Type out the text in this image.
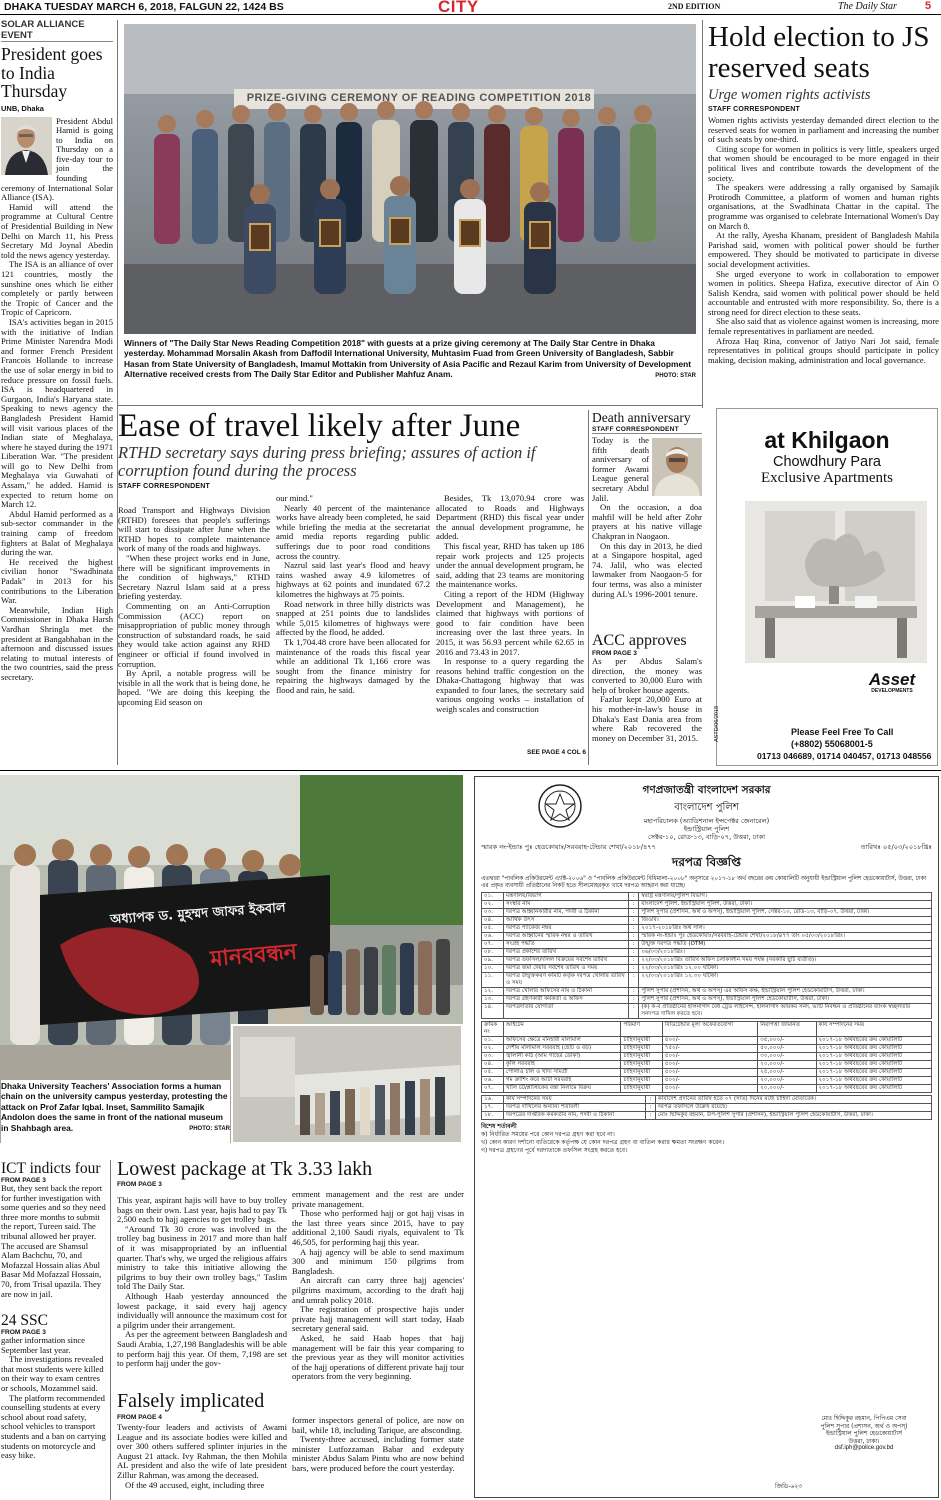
DHAKA TUESDAY MARCH 6, 2018, FALGUN 22, 1424 BS	CITY	2ND EDITION	The Daily Star	5
SOLAR ALLIANCE EVENT
President goes to India Thursday
UNB, Dhaka
President Abdul Hamid is going to India on Thursday on a five-day tour to join the founding ceremony of International Solar Alliance (ISA).

Hamid will attend the programme at Cultural Centre of Presidential Building in New Delhi on March 11, his Press Secretary Md Joynal Abedin told the news agency yesterday.

The ISA is an alliance of over 121 countries, mostly the sunshine ones which lie either completely or partly between the Tropic of Cancer and the Tropic of Capricorn.

ISA's activities began in 2015 with the initiative of Indian Prime Minister Narendra Modi and former French President Francois Hollande to increase the use of solar energy in bid to reduce pressure on fossil fuels. ISA is headquartered in Gurgaon, India's Haryana state. Speaking to news agency the Bangladesh President Hamid will visit various places of the Indian state of Meghalaya, where he stayed during the 1971 Liberation War. "The president will go to New Delhi from Meghalaya via Guwahati of Assam," he added. Hamid is expected to return home on March 12.

Abdul Hamid performed as a sub-sector commander in the training camp of freedom fighters at Balat of Meghalaya during the war.

He received the highest civilian honor "Swadhinata Padak" in 2013 for his contributions to the Liberation War.

Meanwhile, Indian High Commissioner in Dhaka Harsh Vardhan Shringla met the president at Bangabhaban in the afternoon and discussed issues relating to mutual interests of the two countries, said the press secretary.

PRIZE-GIVING CEREMONY OF READING COMPETITION 2018
Winners of "The Daily Star News Reading Competition 2018" with guests at a prize giving ceremony at The Daily Star Centre in Dhaka yesterday. Mohammad Morsalin Akash from Daffodil International University, Muhtasim Fuad from Green University of Bangladesh, Sabbir Hasan from State University of Bangladesh, Imamul Mottakin from University of Asia Pacific and Rezaul Karim from University of Development Alternative received crests from The Daily Star Editor and Publisher Mahfuz Anam.	PHOTO: STAR
Hold election to JS reserved seats
Urge women rights activists
STAFF CORRESPONDENT

Women rights activists yesterday demanded direct election to the reserved seats for women in parliament and increasing the number of such seats by one-third.

Citing scope for women in politics is very little, speakers urged that women should be encouraged to be more engaged in their political lives and contribute towards the development of the society.

The speakers were addressing a rally organised by Samajik Protirodh Committee, a platform of women and human rights organisations, at the Swadhinata Chattar in the capital. The programme was organised to celebrate International Women's Day on March 8.

At the rally, Ayesha Khanam, president of Bangladesh Mahila Parishad said, women with political power should be further empowered. They should be motivated to participate in diverse social development activities.

She urged everyone to work in collaboration to empower women in politics. Sheepa Hafiza, executive director of Ain O Salish Kendra, said women with political power should be held accountable and entrusted with more responsibility. So, there is a strong need for direct election to these seats.

She also said that as violence against women is increasing, more female representatives in parliament are needed.

Afroza Haq Rina, convenor of Jatiyo Nari Jot said, female representatives in political groups should participate in policy making, decision making, administration and local governance.

Ease of travel likely after June
RTHD secretary says during press briefing; assures of action if corruption found during the process
STAFF CORRESPONDENT

Road Transport and Highways Division (RTHD) foresees that people's sufferings will start to dissipate after June when the RTHD hopes to complete maintenance work of many of the roads and highways.

"When these project works end in June, there will be significant improvements in the condition of highways," RTHD Secretary Nazrul Islam said at a press briefing yesterday.

Commenting on an Anti-Corruption Commission (ACC) report on misappropriation of public money through construction of substandard roads, he said they would take action against any RHD engineer or official if found involved in corruption.

By April, a notable progress will be visible in all the work that is being done, he hoped. "We are doing this keeping the upcoming Eid season on

our mind."

Nearly 40 percent of the maintenance works have already been completed, he said while briefing the media at the secretariat amid media reports regarding public sufferings due to poor road conditions across the country.

Nazrul said last year's flood and heavy rains washed away 4.9 kilometres of highways at 62 points and inundated 67.2 kilometres the highways at 75 points.

Road network in three hilly districts was snapped at 251 points due to landslides while 5,015 kilometres of highways were affected by the flood, he added.

Tk 1,704.48 crore have been allocated for maintenance of the roads this fiscal year while an additional Tk 1,166 crore was sought from the finance ministry for repairing the highways damaged by the flood and rain, he said.

Besides, Tk 13,070.94 crore was allocated to Roads and Highways Department (RHD) this fiscal year under the annual development programme, he added.

This fiscal year, RHD has taken up 186 repair work projects and 125 projects under the annual development program, he said, adding that 23 teams are monitoring the maintenance works.

Citing a report of the HDM (Highway Development and Management), he claimed that highways with portions of good to fair condition have been increasing over the last three years. In 2015, it was 56.93 percent while 62.65 in 2016 and 73.43 in 2017.

In response to a query regarding the reasons behind traffic congestion on the Dhaka-Chattagong highway that was expanded to four lanes, the secretary said various ongoing works – installation of weigh scales and construction

SEE PAGE 4 COL 6
Death anniversary
STAFF CORRESPONDENT

Today is the fifth death anniversary of former Awami League general secretary Abdul Jalil.

On the occasion, a doa mahfil will be held after Zohr prayers at his native village Chakpran in Naogaon.

On this day in 2013, he died at a Singapore hospital, aged 74. Jalil, who was elected lawmaker from Naogaon-5 for four terms, was also a minister during AL's 1996-2001 tenure.

ACC approves
FROM PAGE 3

As per Abdus Salam's direction, the money was converted to 30,000 Euro with help of broker house agents.

Fazlur kept 20,000 Euro at his mother-in-law's house in Dhaka's East Dania area from where Rab recovered the money on December 31, 2015.

at Khilgaon
Chowdhury Para
Exclusive Apartments
Asset
DEVELOPMENTS
Please Feel Free To Call
(+8802) 55068001-5
01713 046689, 01714 040457, 01713 048556
ASTD/06/2018
অধ্যাপক ড. মুহম্মদ জাফর ইকবাল
মানববন্ধন
Dhaka University Teachers' Association forms a human chain on the university campus yesterday, protesting the attack on Prof Zafar Iqbal. Inset, Sammilito Samajik Andolon does the same in front of the national museum in Shahbagh area.	PHOTO: STAR
ICT indicts four
FROM PAGE 3
But, they sent back the report for further investigation with some queries and so they need three more months to submit the report, Tureen said. The tribunal allowed her prayer. The accused are Shamsul Alam Bachchu, 70, and Mofazzal Hossain alias Abul Basar Md Mofazzal Hossain, 70, from Trisal upazila. They are now in jail.
24 SSC
FROM PAGE 3

gather information since September last year.

The investigations revealed that most students were killed on their way to exam centres or schools, Mozammel said.

The platform recommended counselling students at every school about road safety, school vehicles to transport students and a ban on carrying students on motorcycle and easy bike.

Lowest package at Tk 3.33 lakh
FROM PAGE 3

This year, aspirant hajis will have to buy trolley bags on their own. Last year, hajis had to pay Tk 2,500 each to hajj agencies to get trolley bags.

"Around Tk 30 crore was involved in the trolley bag business in 2017 and more than half of it was misappropriated by an influential quarter. That's why, we urged the religious affairs ministry to take this initiative allowing the pilgrims to buy their own trolley bags," Taslim told The Daily Star.

Although Haab yesterday announced the lowest package, it said every hajj agency individually will announce the maximum cost for a pilgrim under their arrangement.

As per the agreement between Bangladesh and Saudi Arabia, 1,27,198 Bangladeshis will be able to perform hajj this year. Of them, 7,198 are set to perform hajj under the gov-

ernment management and the rest are under private management.

Those who performed hajj or got hajj visas in the last three years since 2015, have to pay additional 2,100 Saudi riyals, equivalent to Tk 46,505, for performing hajj this year.

A hajj agency will be able to send maximum 300 and minimum 150 pilgrims from Bangladesh.

An aircraft can carry three hajj agencies' pilgrims maximum, according to the draft hajj and umrah policy 2018.

The registration of prospective hajis under private hajj management will start today, Haab secretary general said.

Asked, he said Haab hopes that hajj management will be fair this year comparing to the previous year as they will monitor activities of the hajj operations of different private hajj tour operators from the very beginning.

Falsely implicated
FROM PAGE 4

Twenty-four leaders and activists of Awami League and its associate bodies were killed and over 300 others suffered splinter injuries in the August 21 attack. Ivy Rahman, the then Mohila AL president and also the wife of late president Zillur Rahman, was among the deceased.

Of the 49 accused, eight, including three

former inspectors general of police, are now on bail, while 18, including Tarique, are absconding.

Twenty-three accused, including former state minister Lutfozzaman Babar and exdeputy minister Abdus Salam Pintu who are now behind bars, were produced before the court yesterday.

গণপ্রজাতন্ত্রী বাংলাদেশ সরকার
বাংলাদেশ পুলিশ
মহাপরিচালক (অ্যাডিশনাল ইন্সপেক্টর জেনারেল)
ইন্ডাস্ট্রিয়াল পুলিশ
সেক্টর-১০, রোড-১৩, বাড়ি-০৭, উত্তরা, ঢাকা
স্মারক নং-ইন্ডাঃ পুঃ হেডকোয়াঃ/সরবরাহ-টেন্ডার শেখা/২০১৮/৪৭৭	তারিখঃ ০৫/০৩/২০১৮খ্রিঃ
দরপত্র বিজ্ঞপ্তি
এতদ্বারা "পাবলিক প্রকিউরমেন্ট এ্যাক্ট-২০০৬" ও "পাবলিক প্রকিউরমেন্ট বিধিমালা-২০০৮" অনুসারে ২০১৭-১৮ অর্থ বছরের ক্রয় কোয়ালিটি অনুযায়ী ইন্ডাস্ট্রিয়াল পুলিশ হেডকোয়ার্টার্স, উত্তরা, ঢাকা এর প্রকৃত ব্যবসায়ী প্রতিষ্ঠানের নিকট হতে সীলমোহরকৃত খামে দরপত্র আহ্বান করা যাচ্ছে।
০১.	মন্ত্রণালয়/বিভাগ	:	স্বরাষ্ট্র মন্ত্রণালয়/পুলিশ বিভাগ।
০২.	সংস্থার নাম	:	বাংলাদেশ পুলিশ, ইন্ডাস্ট্রিয়াল পুলিশ, উত্তরা, ঢাকা।
০৩.	দরপত্র আহ্বানকারীর নাম, পদবী ও ঠিকানা	:	পুলিশ সুপার (প্রশাসন, অর্থ ও অপস্), ইন্ডাস্ট্রিয়াল পুলিশ, সেক্টর-১০, রোড-১৩, বাড়ি-০৭, উত্তরা, ঢাকা।
০৪.	আর্থিক উৎস	:	জিওবি।
০৫.	দরপত্র প্যাকেজ নম্বর	:	২০১৭-২০১৮খ্রিঃ অর্থ সাল।
০৬.	দরপত্র আহ্বানের স্মারক নম্বর ও তারিখ	:	স্মারক নং-ইন্ডাঃ পুঃ হেডকোয়াঃ/সরবরাহ-টেন্ডার শেখা/২০১৮/৪৭৭ তাং ০৫/০৩/২০১৮খ্রিঃ।
০৭.	সংগ্রহ পদ্ধতি	:	উন্মুক্ত দরপত্র পদ্ধতি (OTM)
০৮.	দরপত্র প্রকাশের তারিখ	:	০৬/০৩/২০১৮খ্রিঃ।
০৯.	দরপত্র তফসিল/দলিল বিক্রয়ের সর্বশেষ তারিখ	:	২২/০৩/২০১৮খ্রিঃ তারিখ অফিস চলাকালীন সময় পর্যন্ত (সরকারি ছুটি ব্যতীত)।
১০.	দরপত্র জমা দেয়ার সর্বশেষ তারিখ ও সময়	:	২২/০৩/২০১৮খ্রিঃ ১২.০০ ঘটিকা।
১১.	দরপত্র উন্মুক্তকরণ কমিটি কর্তৃক দরপত্র খোলার তারিখ ও সময়	:	২২/০৩/২০১৮খ্রিঃ ১২.৩০ ঘটিকা।
১২.	দরপত্র খোলার অফিসের নাম ও ঠিকানা	:	পুলিশ সুপার (প্রশাসন, অর্থ ও অপস্) এর অফিস কক্ষ, ইন্ডাস্ট্রিয়াল পুলিশ হেডকোয়ার্টার্স, উত্তরা, ঢাকা।
১৩.	দরপত্র গ্রহণকারী কর্মকর্তা ও অফিস	:	পুলিশ সুপার (প্রশাসন, অর্থ ও অপস্), ইন্ডাস্ট্রিয়াল পুলিশ হেডকোয়ার্টার্স, উত্তরা, ঢাকা।
১৪.	দরপত্রদাতার যোগ্যতা	:	(ক) ক-ব প্রতিষ্ঠানের হালনাগাদ বৈধ ট্রেড লাইসেন্স, হালনাগাদ আয়কর সনদ, ভ্যাট নিবন্ধন ও প্রতিষ্ঠানের ব্যাংক স্বচ্ছলতার সনদপত্র দাখিল করতে হবে।
ক্রমিক নং	আইটেম	পরিমাণ	বিডিটেন্ডার মূল্য অফেরতযোগ্য	নিরাপত্তা জামানত	কার্য সম্পাদনের সময়
০১.	অফিসের ক্ষেত্রে মনিহারী মালামাল	চাহিদানুযায়ী	৫০০/-	৩৫,০০০/-	২০১৭-১৮ অর্থবছরের ক্রয় কোয়ালিটি
০২.	দেশীয় মালামাল সরবরাহ (ছোট ও বড়)	চাহিদানুযায়ী	৭৫০/-	৫০,০০০/-	২০১৭-১৮ অর্থবছরের ক্রয় কোয়ালিটি
০৩.	জ্বালানী কাঠ (আম গাছের ডোকা)	চাহিদানুযায়ী	৫০০/-	৩০,০০০/-	২০১৭-১৮ অর্থবছরের ক্রয় কোয়ালিটি
০৪.	কুলি সরবরাহ	চাহিদানুযায়ী	৫০০/-	২০,০০০/-	২০১৭-১৮ অর্থবছরের ক্রয় কোয়ালিটি
০৫.	পোলাও চাল ও খাদ্য সামগ্রী	চাহিদানুযায়ী	৫০০/-	২৫,০০০/-	২০১৭-১৮ অর্থবছরের ক্রয় কোয়ালিটি
০৬.	গম ক্রাশিং করে আটা সরবরাহ	চাহিদানুযায়ী	৫০০/-	২০,০০০/-	২০১৭-১৮ অর্থবছরের ক্রয় কোয়ালিটি
০৭.	খালি চট/প্লাস্টিকের বস্তা নিলামে বিক্রয়	চাহিদানুযায়ী	৫০০/-	২০,০০০/-	২০১৭-১৮ অর্থবছরের ক্রয় কোয়ালিটি
১৬.	কার্য সম্পাদনের সময়	:	কার্যাদেশ প্রদানের তারিখ হতে ০৭ (সাত) দিনের মধ্যে চাহিদা মোতাবেক।
১৭.	দরপত্র দাখিলের অন্যান্য শর্তাবলী	:	দরপত্র তফসিলে উল্লেখ রয়েছে।
১৮.	দরপত্রের দাপ্তরিক কর্মকর্তার নাম, পদবী ও ঠিকানা	:	মোঃ ছিদ্দিকুর রহমান, উপ-পুলিশ সুপার (প্রশাসন), ইন্ডাস্ট্রিয়াল পুলিশ হেডকোয়ার্টার্স, উত্তরা, ঢাকা।
বিশেষ শর্তাবলী
ক) নির্ধারিত সময়ের পরে কোন দরপত্র গ্রহণ করা হবে না।
খ) কোন কারণ দর্শানো ব্যতিরেকে কর্তৃপক্ষ যে কোন দরপত্র গ্রহণ বা বাতিল করার ক্ষমতা সংরক্ষণ করেন।
গ) দরপত্র গ্রহণের পূর্বে দরদাতাকে তফসিল সংগ্রহ করতে হবে।
মোঃ ছিদ্দিকুর রহমান, পিপিএম সেবা
পুলিশ সুপার (প্রশাসন, অর্থ ও অপস্)
ইন্ডাস্ট্রিয়াল পুলিশ হেডকোয়ার্টার্স
উত্তরা, ঢাকা।
dsf.iph@police.gov.bd
জিডি-৬২৩
